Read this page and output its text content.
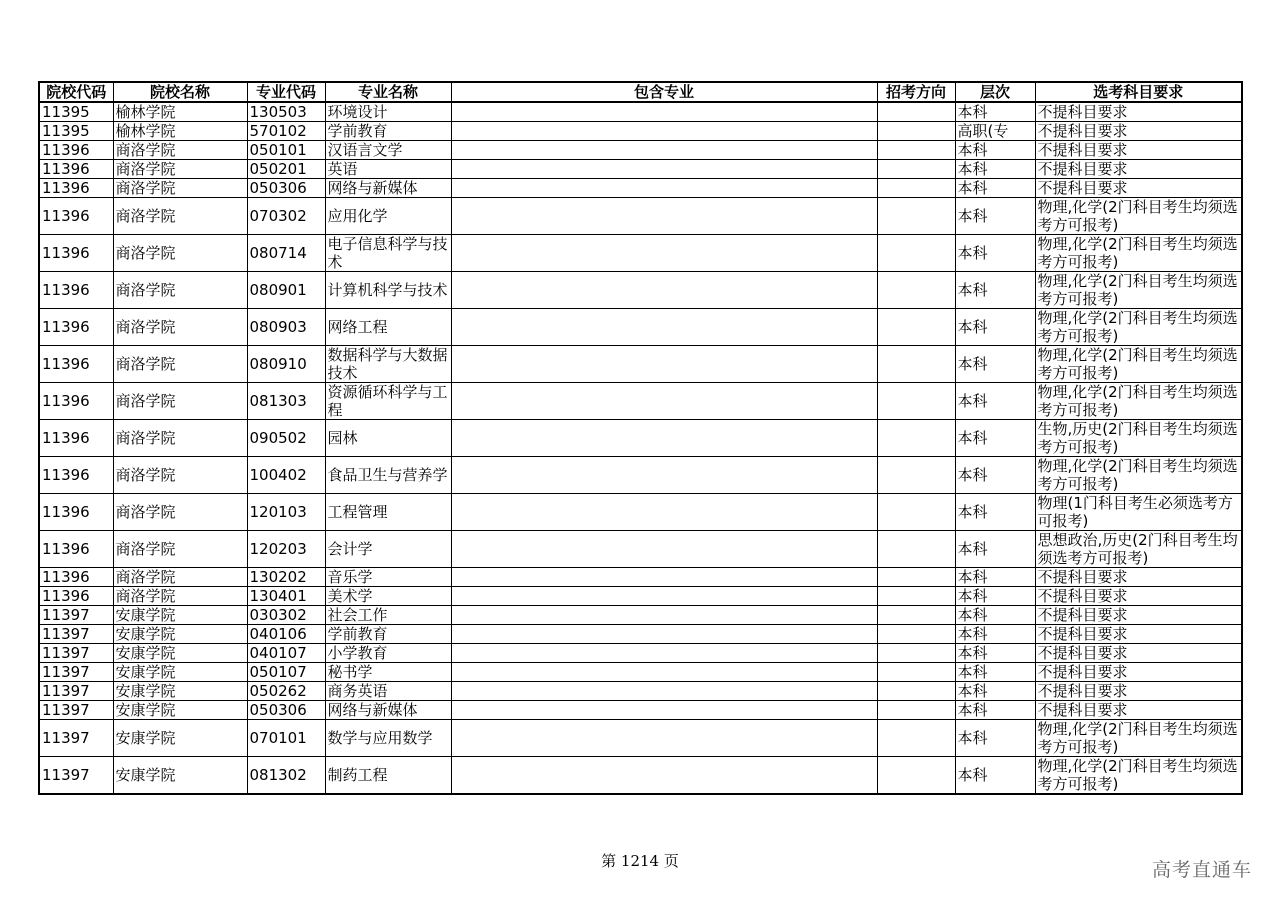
院校代码	院校名称	专业代码	专业名称	包含专业	招考方向	层次	选考科目要求
11395	榆林学院	130503	环境设计			本科	不提科目要求
11395	榆林学院	570102	学前教育			高职(专	不提科目要求
11396	商洛学院	050101	汉语言文学			本科	不提科目要求
11396	商洛学院	050201	英语			本科	不提科目要求
11396	商洛学院	050306	网络与新媒体			本科	不提科目要求
11396	商洛学院	070302	应用化学			本科	物理,化学(2门科目考生均须选考方可报考)
11396	商洛学院	080714	电子信息科学与技术			本科	物理,化学(2门科目考生均须选考方可报考)
11396	商洛学院	080901	计算机科学与技术			本科	物理,化学(2门科目考生均须选考方可报考)
11396	商洛学院	080903	网络工程			本科	物理,化学(2门科目考生均须选考方可报考)
11396	商洛学院	080910	数据科学与大数据技术			本科	物理,化学(2门科目考生均须选考方可报考)
11396	商洛学院	081303	资源循环科学与工程			本科	物理,化学(2门科目考生均须选考方可报考)
11396	商洛学院	090502	园林			本科	生物,历史(2门科目考生均须选考方可报考)
11396	商洛学院	100402	食品卫生与营养学			本科	物理,化学(2门科目考生均须选考方可报考)
11396	商洛学院	120103	工程管理			本科	物理(1门科目考生必须选考方可报考)
11396	商洛学院	120203	会计学			本科	思想政治,历史(2门科目考生均须选考方可报考)
11396	商洛学院	130202	音乐学			本科	不提科目要求
11396	商洛学院	130401	美术学			本科	不提科目要求
11397	安康学院	030302	社会工作			本科	不提科目要求
11397	安康学院	040106	学前教育			本科	不提科目要求
11397	安康学院	040107	小学教育			本科	不提科目要求
11397	安康学院	050107	秘书学			本科	不提科目要求
11397	安康学院	050262	商务英语			本科	不提科目要求
11397	安康学院	050306	网络与新媒体			本科	不提科目要求
11397	安康学院	070101	数学与应用数学			本科	物理,化学(2门科目考生均须选考方可报考)
11397	安康学院	081302	制药工程			本科	物理,化学(2门科目考生均须选考方可报考)
第 1214 页	高考直通车
